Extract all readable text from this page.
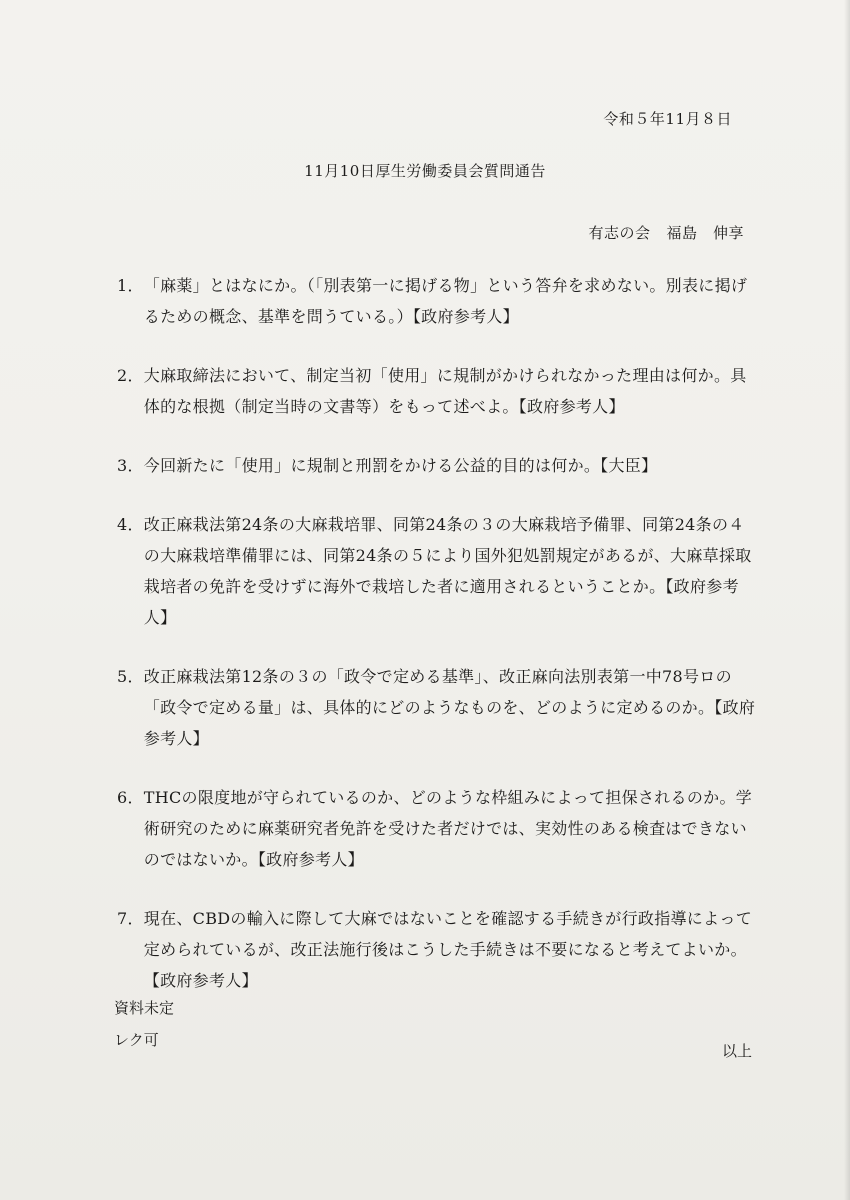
令和５年11月８日
11月10日厚生労働委員会質問通告
有志の会 福島　伸享
1． 「麻薬」とはなにか。（「別表第一に掲げる物」という答弁を求めない。別表に掲げるための概念、基準を問うている。）【政府参考人】
2． 大麻取締法において、制定当初「使用」に規制がかけられなかった理由は何か。具体的な根拠（制定当時の文書等）をもって述べよ。【政府参考人】
3． 今回新たに「使用」に規制と刑罰をかける公益的目的は何か。【大臣】
4． 改正麻栽法第24条の大麻栽培罪、同第24条の３の大麻栽培予備罪、同第24条の４の大麻栽培準備罪には、同第24条の５により国外犯処罰規定があるが、大麻草採取栽培者の免許を受けずに海外で栽培した者に適用されるということか。【政府参考人】
5． 改正麻栽法第12条の３の「政令で定める基準」、改正麻向法別表第一中78号ロの「政令で定める量」は、具体的にどのようなものを、どのように定めるのか。【政府参考人】
6． THCの限度地が守られているのか、どのような枠組みによって担保されるのか。学術研究のために麻薬研究者免許を受けた者だけでは、実効性のある検査はできないのではないか。【政府参考人】
7． 現在、CBDの輸入に際して大麻ではないことを確認する手続きが行政指導によって定められているが、改正法施行後はこうした手続きは不要になると考えてよいか。【政府参考人】
資料未定
レク可
以上
